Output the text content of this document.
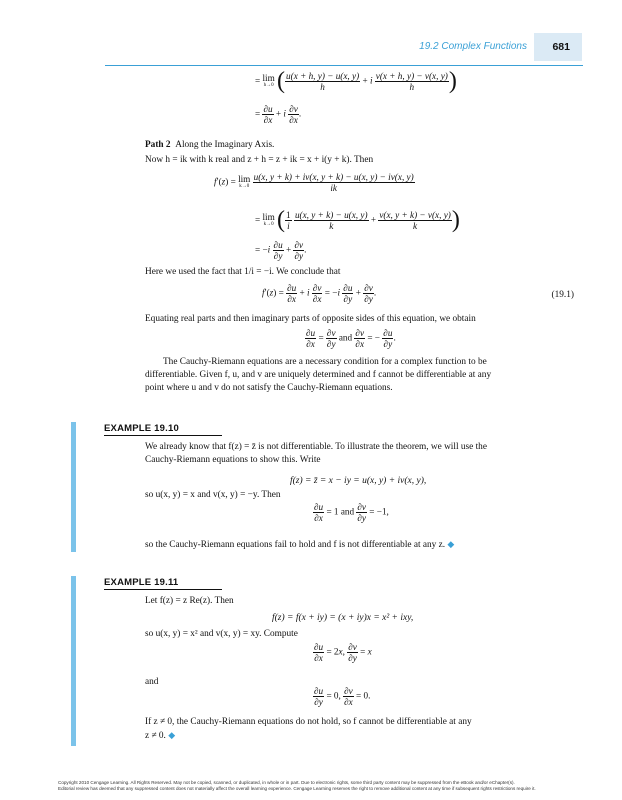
19.2 Complex Functions 681
= lim
h→0 ( $\frac{u(x + h, y) - u(x, y)}{h} + i \frac{v(x + h, y) - v(x, y)}{h}$ )
= $\frac{\partial u}{\partial x} + i \frac{\partial v}{\partial x}$ .
Path 2 Along the Imaginary Axis.
Now h = ik with k real and z + h = z + ik = x + i(y + k). Then
f′(z) = lim
k→0
$\frac{u(x, y + k) + iv(x, y + k) - u(x, y) - iv(x, y)}{ik}$
= lim
k→0 ( $\frac{1}{i}$
$\frac{u(x, y + k) - u(x, y)}{k} + \frac{v(x, y + k) - v(x, y)}{k}$ )
= $-i \frac{\partial u}{\partial y} + \frac{\partial v}{\partial y}$ .
Here we used the fact that 1/i = −i. We conclude that
$f'(z) = \frac{\partial u}{\partial x} + i \frac{\partial v}{\partial x} = -i \frac{\partial u}{\partial y} + \frac{\partial v}{\partial y}$ .	(19.1)
Equating real parts and then imaginary parts of opposite sides of this equation, we obtain
$\frac{\partial u}{\partial x} = \frac{\partial v}{\partial y}$ and $\frac{\partial v}{\partial x}$ = − $\frac{\partial u}{\partial y}$ .
The Cauchy-Riemann equations are a necessary condition for a complex function to be
differentiable. Given f, u, and v are uniquely determined and f cannot be differentiable at any
point where u and v do not satisfy the Cauchy-Riemann equations.
EXAMPLE 19.10
We already know that f(z) = z̄ is not differentiable. To illustrate the theorem, we will use the
Cauchy-Riemann equations to show this. Write
f(z) = z̄ = x − iy = u(x, y) + iv(x, y),
so u(x, y) = x and v(x, y) = −y. Then
$\frac{\partial u}{\partial x} = 1$ and $\frac{\partial v}{\partial y} = -1$,
so the Cauchy-Riemann equations fail to hold and f is not differentiable at any z. ◆
EXAMPLE 19.11
Let f(z) = z Re(z). Then
f(z) = f(x + iy) = (x + iy)x = x² + ixy,
so u(x, y) = x² and v(x, y) = xy. Compute
$\frac{\partial u}{\partial x} = 2x$, $\frac{\partial v}{\partial y} = x$
and
$\frac{\partial u}{\partial y} = 0$, $\frac{\partial v}{\partial x} = 0$.
If z ≠ 0, the Cauchy-Riemann equations do not hold, so f cannot be differentiable at any
z ≠ 0. ◆
Copyright 2010 Cengage Learning. All Rights Reserved. May not be copied, scanned, or duplicated, in whole or in part. Due to electronic rights, some third party content may be suppressed from the eBook and/or eChapter(s).
Editorial review has deemed that any suppressed content does not materially affect the overall learning experience. Cengage Learning reserves the right to remove additional content at any time if subsequent rights restrictions require it.
